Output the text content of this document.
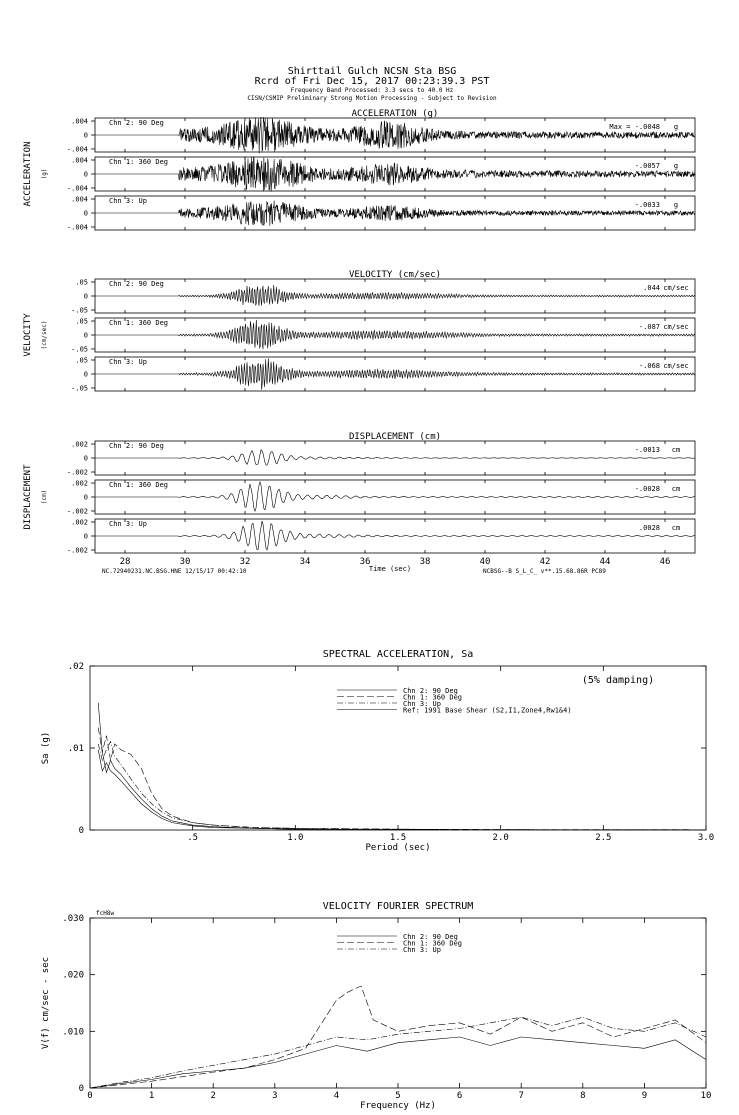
Shirttail Gulch NCSN Sta BSG
Rcrd of Fri Dec 15, 2017 00:23:39.3 PST
Frequency Band Processed: 3.3 secs to 40.0 Hz
CISN/CSMIP Preliminary Strong Motion Processing - Subject to Revision
ACCELERATION (g)
ACCELERATION (g)
.004
0
-.004
Chn 2: 90 Deg	Max = -.0048 g
.004
0
-.004
Chn 1: 360 Deg	-.0057 g
.004
0
-.004
Chn 3: Up	-.0033 g
VELOCITY (cm/sec)
VELOCITY (cm/sec)
.05
0
-.05
Chn 2: 90 Deg	.044 cm/sec
.05
0
-.05
Chn 1: 360 Deg	-.087 cm/sec
.05
0
-.05
Chn 3: Up	-.068 cm/sec
DISPLACEMENT (cm)
DISPLACEMENT (cm)
.002
0
-.002
Chn 2: 90 Deg	-.0013 cm
.002
0
-.002
Chn 1: 360 Deg	-.0028 cm
.002
0
-.002
Chn 3: Up	.0028 cm
28	30	32	34	36	38	40	42	44	46
Time (sec)
NC.72940231.NC.BSG.HNE 12/15/17 00:42:10	NCBSG--B S_L_C_ v**.15.68.86R PC89
SPECTRAL ACCELERATION, Sa
.5	1.0	1.5	2.0	2.5	3.0
0
.01
.02
Period (sec)
Sa (g)
Chn 2: 90 Deg
Chn 1: 360 Deg
Chn 3: Up
Ref: 1991 Base Shear (S2,I1,Zone4,Rw1&4)
(5% damping)
VELOCITY FOURIER SPECTRUM
0	1	2	3	4	5	6	7	8	9	10
0
.010
.020
.030
Frequency (Hz)
V(f) cm/sec - sec
Chn 2: 90 Deg
Chn 1: 360 Deg
Chn 3: Up
fcH8w
